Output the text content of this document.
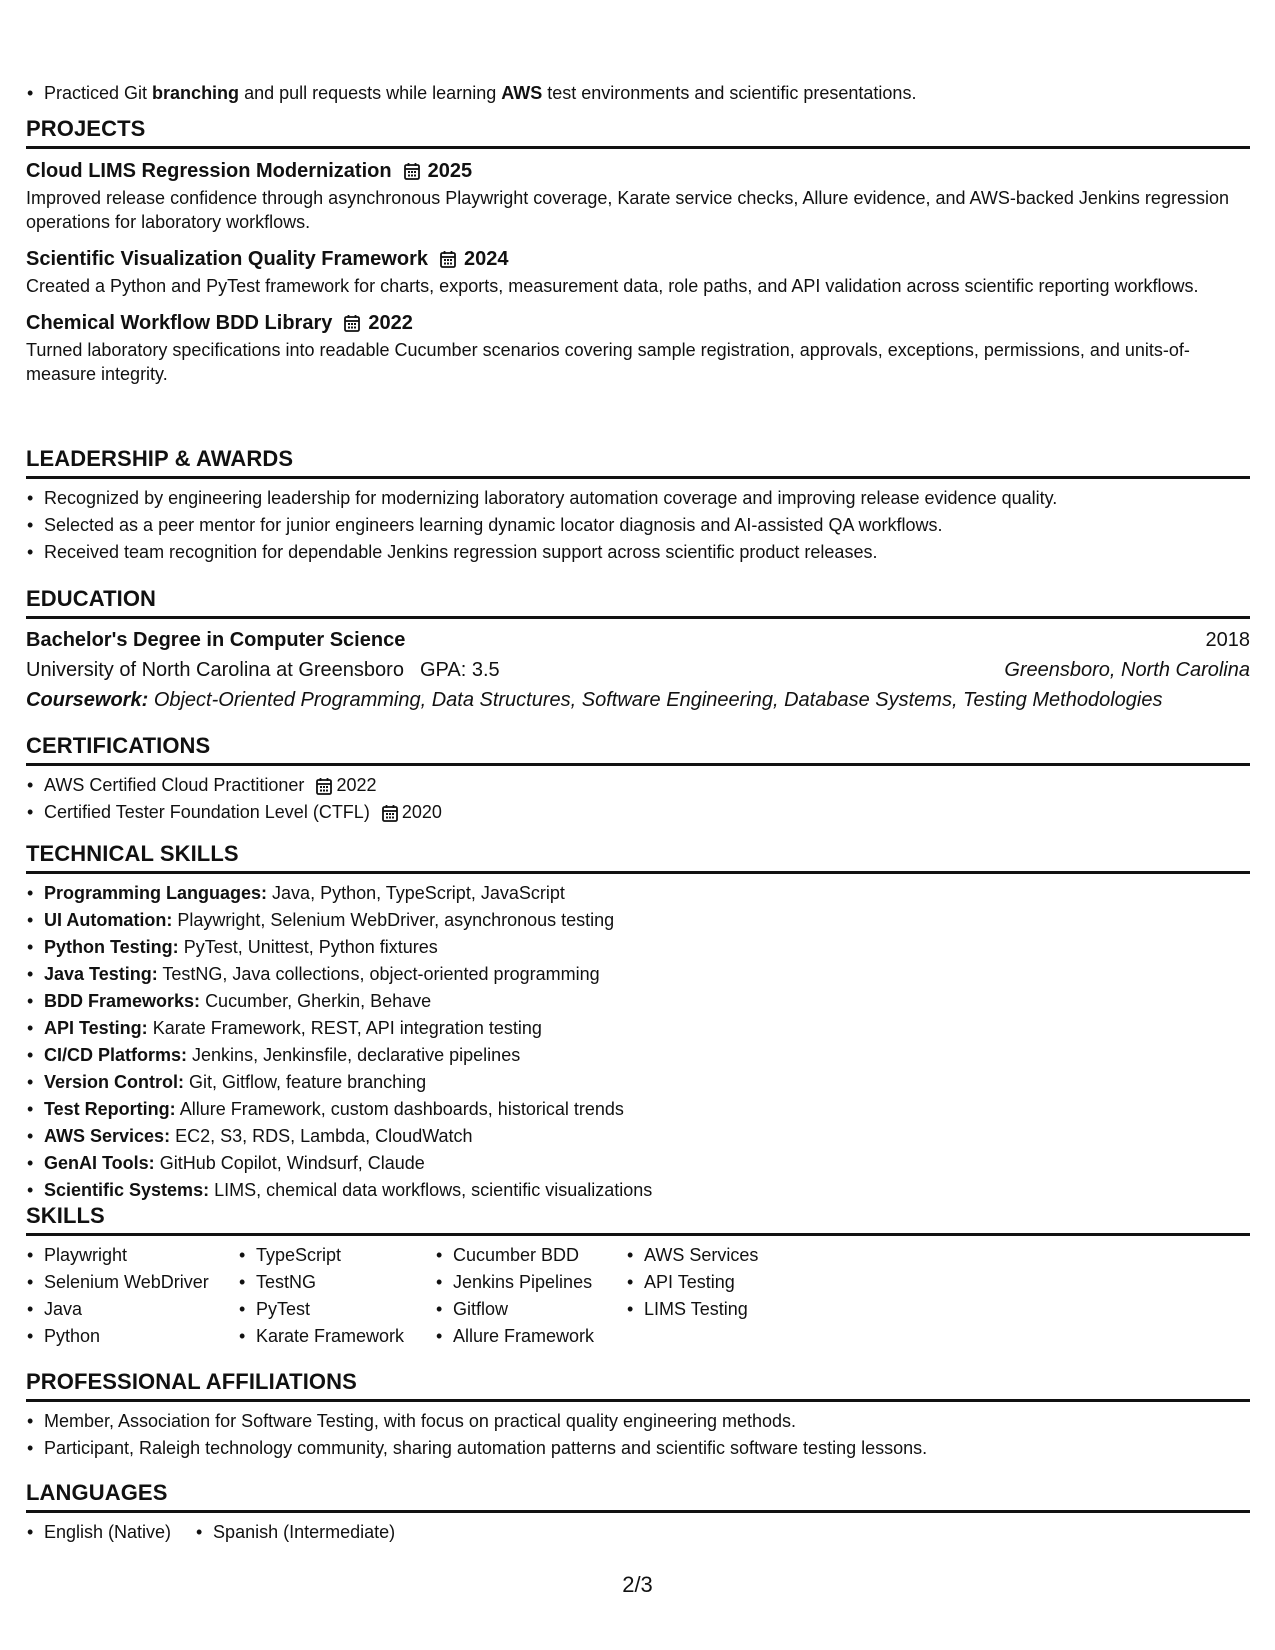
• Practiced Git branching and pull requests while learning AWS test environments and scientific presentations.
PROJECTS
Cloud LIMS Regression Modernization 2025
Improved release confidence through asynchronous Playwright coverage, Karate service checks, Allure evidence, and AWS-backed Jenkins regression operations for laboratory workflows.
Scientific Visualization Quality Framework 2024
Created a Python and PyTest framework for charts, exports, measurement data, role paths, and API validation across scientific reporting workflows.
Chemical Workflow BDD Library 2022
Turned laboratory specifications into readable Cucumber scenarios covering sample registration, approvals, exceptions, permissions, and units-of-measure integrity.
LEADERSHIP & AWARDS
• Recognized by engineering leadership for modernizing laboratory automation coverage and improving release evidence quality.
• Selected as a peer mentor for junior engineers learning dynamic locator diagnosis and AI-assisted QA workflows.
• Received team recognition for dependable Jenkins regression support across scientific product releases.
EDUCATION
Bachelor's Degree in Computer Science	2018
University of North Carolina at Greensboro GPA: 3.5	Greensboro, North Carolina
Coursework: Object-Oriented Programming, Data Structures, Software Engineering, Database Systems, Testing Methodologies
CERTIFICATIONS
• AWS Certified Cloud Practitioner 2022
• Certified Tester Foundation Level (CTFL) 2020
TECHNICAL SKILLS
• Programming Languages: Java, Python, TypeScript, JavaScript
• UI Automation: Playwright, Selenium WebDriver, asynchronous testing
• Python Testing: PyTest, Unittest, Python fixtures
• Java Testing: TestNG, Java collections, object-oriented programming
• BDD Frameworks: Cucumber, Gherkin, Behave
• API Testing: Karate Framework, REST, API integration testing
• CI/CD Platforms: Jenkins, Jenkinsfile, declarative pipelines
• Version Control: Git, Gitflow, feature branching
• Test Reporting: Allure Framework, custom dashboards, historical trends
• AWS Services: EC2, S3, RDS, Lambda, CloudWatch
• GenAI Tools: GitHub Copilot, Windsurf, Claude
• Scientific Systems: LIMS, chemical data workflows, scientific visualizations
SKILLS
• Playwright
• Selenium WebDriver
• Java
• Python
• TypeScript
• TestNG
• PyTest
• Karate Framework
• Cucumber BDD
• Jenkins Pipelines
• Gitflow
• Allure Framework
• AWS Services
• API Testing
• LIMS Testing
PROFESSIONAL AFFILIATIONS
• Member, Association for Software Testing, with focus on practical quality engineering methods.
• Participant, Raleigh technology community, sharing automation patterns and scientific software testing lessons.
LANGUAGES
• English (Native)
•	Spanish (Intermediate)
2/3
